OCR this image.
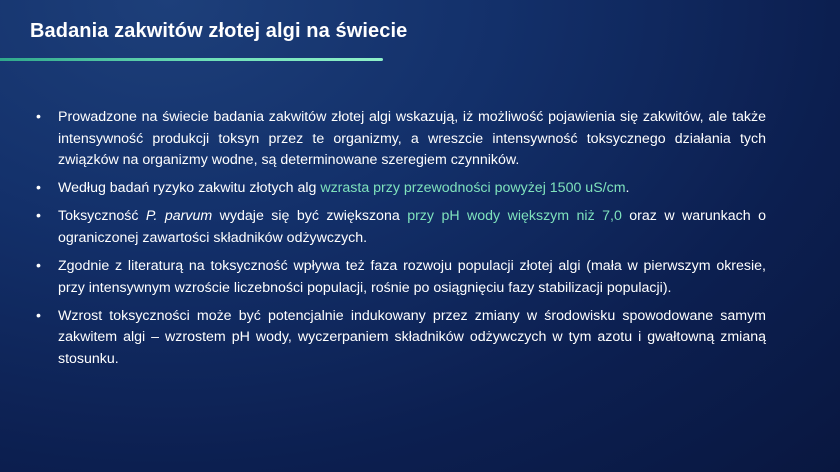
Badania zakwitów złotej algi na świecie
• Prowadzone na świecie badania zakwitów złotej algi wskazują, iż możliwość pojawienia się zakwitów, ale także intensywność produkcji toksyn przez te organizmy, a wreszcie intensywność toksycznego działania tych związków na organizmy wodne, są determinowane szeregiem czynników.
• Według badań ryzyko zakwitu złotych alg wzrasta przy przewodności powyżej 1500 uS/cm.
• Toksyczność P. parvum wydaje się być zwiększona przy pH wody większym niż 7,0 oraz w warunkach o ograniczonej zawartości składników odżywczych.
• Zgodnie z literaturą na toksyczność wpływa też faza rozwoju populacji złotej algi (mała w pierwszym okresie, przy intensywnym wzroście liczebności populacji, rośnie po osiągnięciu fazy stabilizacji populacji).
• Wzrost toksyczności może być potencjalnie indukowany przez zmiany w środowisku spowodowane samym zakwitem algi – wzrostem pH wody, wyczerpaniem składników odżywczych w tym azotu i gwałtowną zmianą stosunku.
